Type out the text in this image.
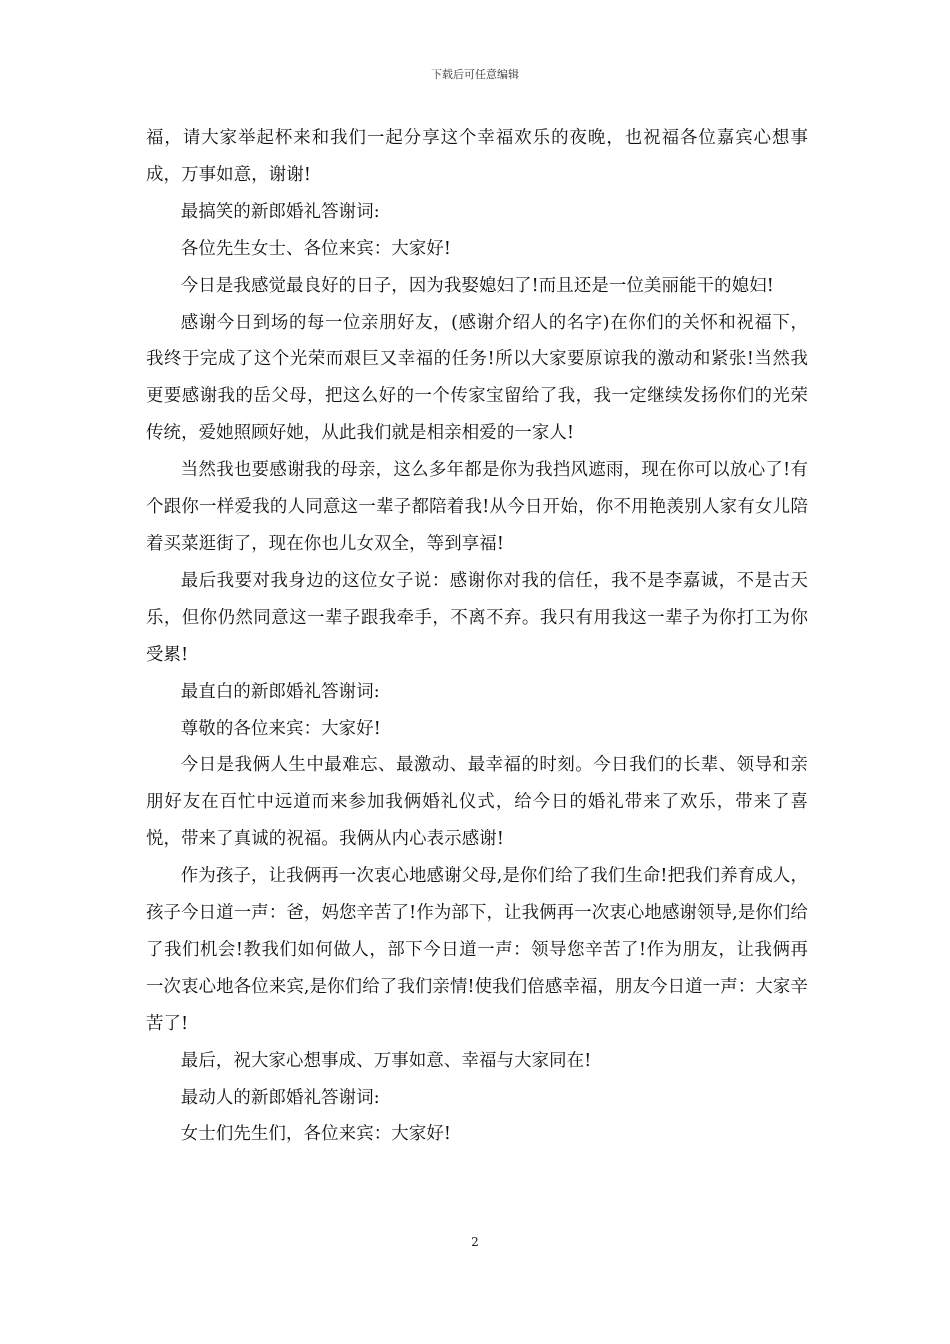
下载后可任意编辑

福，请大家举起杯来和我们一起分享这个幸福欢乐的夜晚，也祝福各位嘉宾心想事成，万事如意，谢谢!

最搞笑的新郎婚礼答谢词:

各位先生女士、各位来宾：大家好!

今日是我感觉最良好的日子，因为我娶媳妇了!而且还是一位美丽能干的媳妇!

感谢今日到场的每一位亲朋好友，(感谢介绍人的名字)在你们的关怀和祝福下，我终于完成了这个光荣而艰巨又幸福的任务!所以大家要原谅我的激动和紧张!当然我更要感谢我的岳父母，把这么好的一个传家宝留给了我，我一定继续发扬你们的光荣传统，爱她照顾好她，从此我们就是相亲相爱的一家人!

当然我也要感谢我的母亲，这么多年都是你为我挡风遮雨，现在你可以放心了!有个跟你一样爱我的人同意这一辈子都陪着我!从今日开始，你不用艳羡别人家有女儿陪着买菜逛街了，现在你也儿女双全，等到享福!

最后我要对我身边的这位女子说：感谢你对我的信任，我不是李嘉诚，不是古天乐，但你仍然同意这一辈子跟我牵手，不离不弃。我只有用我这一辈子为你打工为你受累!

最直白的新郎婚礼答谢词:

尊敬的各位来宾：大家好!

今日是我俩人生中最难忘、最激动、最幸福的时刻。今日我们的长辈、领导和亲朋好友在百忙中远道而来参加我俩婚礼仪式，给今日的婚礼带来了欢乐，带来了喜悦，带来了真诚的祝福。我俩从内心表示感谢!

作为孩子，让我俩再一次衷心地感谢父母,是你们给了我们生命!把我们养育成人，孩子今日道一声：爸，妈您辛苦了!作为部下，让我俩再一次衷心地感谢领导,是你们给了我们机会!教我们如何做人，部下今日道一声：领导您辛苦了!作为朋友，让我俩再一次衷心地各位来宾,是你们给了我们亲情!使我们倍感幸福，朋友今日道一声：大家辛苦了!

最后，祝大家心想事成、万事如意、幸福与大家同在!

最动人的新郎婚礼答谢词:

女士们先生们，各位来宾：大家好!

2
